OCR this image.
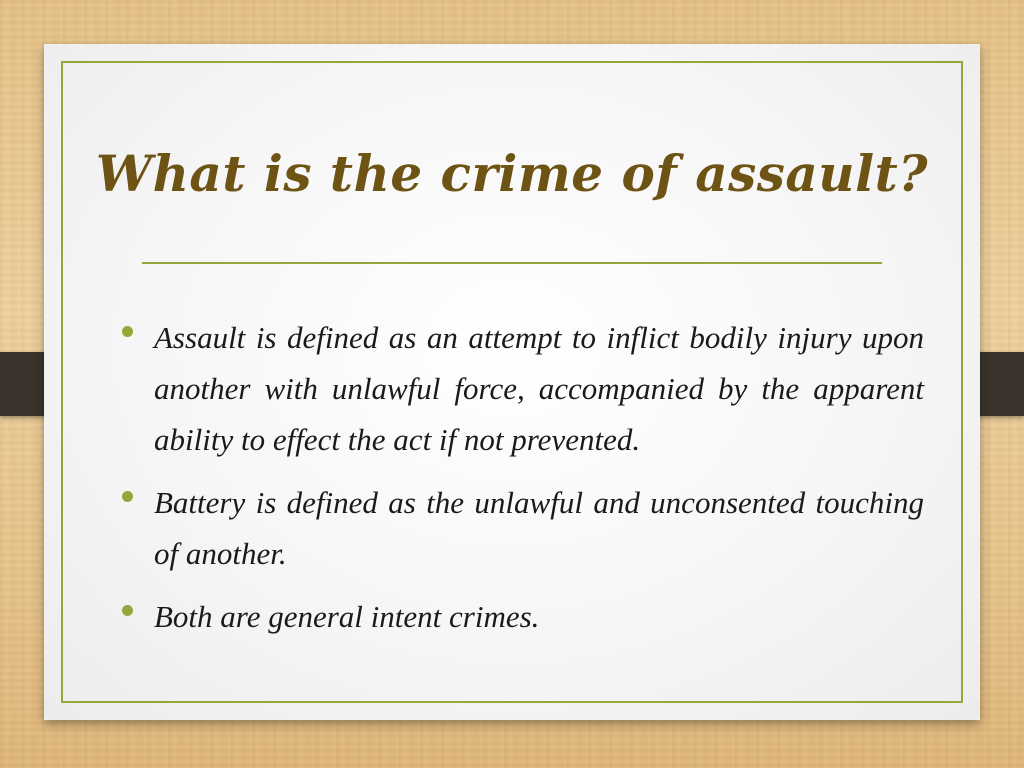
What is the crime of assault?
Assault is defined as an attempt to inflict bodily injury upon another with unlawful force, accompanied by the apparent ability to effect the act if not prevented.
Battery is defined as the unlawful and unconsented touching of another.
Both are general intent crimes.
